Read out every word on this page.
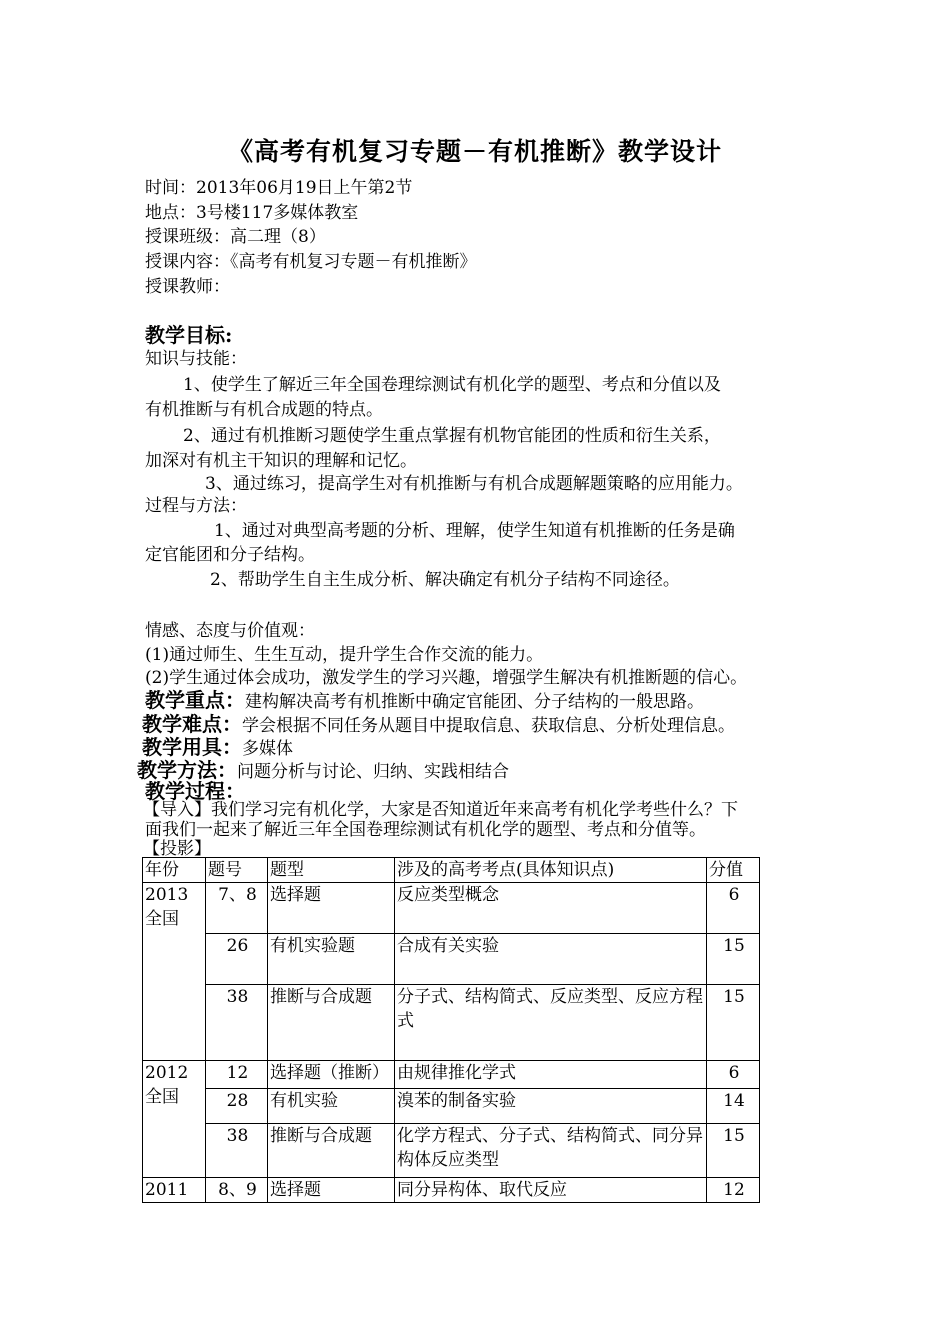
《高考有机复习专题－有机推断》教学设计
时间：2013年06月19日上午第2节
地点：3号楼117多媒体教室
授课班级：高二理（8）
授课内容：《高考有机复习专题－有机推断》
授课教师：
教学目标:
知识与技能：
1、使学生了解近三年全国卷理综测试有机化学的题型、考点和分值以及
有机推断与有机合成题的特点。
2、通过有机推断习题使学生重点掌握有机物官能团的性质和衍生关系，
加深对有机主干知识的理解和记忆。
3、通过练习，提高学生对有机推断与有机合成题解题策略的应用能力。
过程与方法：
1、通过对典型高考题的分析、理解，使学生知道有机推断的任务是确
定官能团和分子结构。
2、帮助学生自主生成分析、解决确定有机分子结构不同途径。
情感、态度与价值观：
(1)通过师生、生生互动，提升学生合作交流的能力。
(2)学生通过体会成功，激发学生的学习兴趣，增强学生解决有机推断题的信心。
教学重点：建构解决高考有机推断中确定官能团、分子结构的一般思路。
教学难点：学会根据不同任务从题目中提取信息、获取信息、分析处理信息。
教学用具：多媒体
教学方法：问题分析与讨论、归纳、实践相结合
教学过程：
【导入】我们学习完有机化学，大家是否知道近年来高考有机化学考些什么？下
面我们一起来了解近三年全国卷理综测试有机化学的题型、考点和分值等。
【投影】
年份	题号	题型	涉及的高考考点(具体知识点)	分值
2013全国	7、8	选择题	反应类型概念	6
	26	有机实验题	合成有关实验	15
	38	推断与合成题	分子式、结构简式、反应类型、反应方程式	15
2012全国	12	选择题（推断）	由规律推化学式	6
	28	有机实验	溴苯的制备实验	14
	38	推断与合成题	化学方程式、分子式、结构简式、同分异构体反应类型	15
2011	8、9	选择题	同分异构体、取代反应	12
